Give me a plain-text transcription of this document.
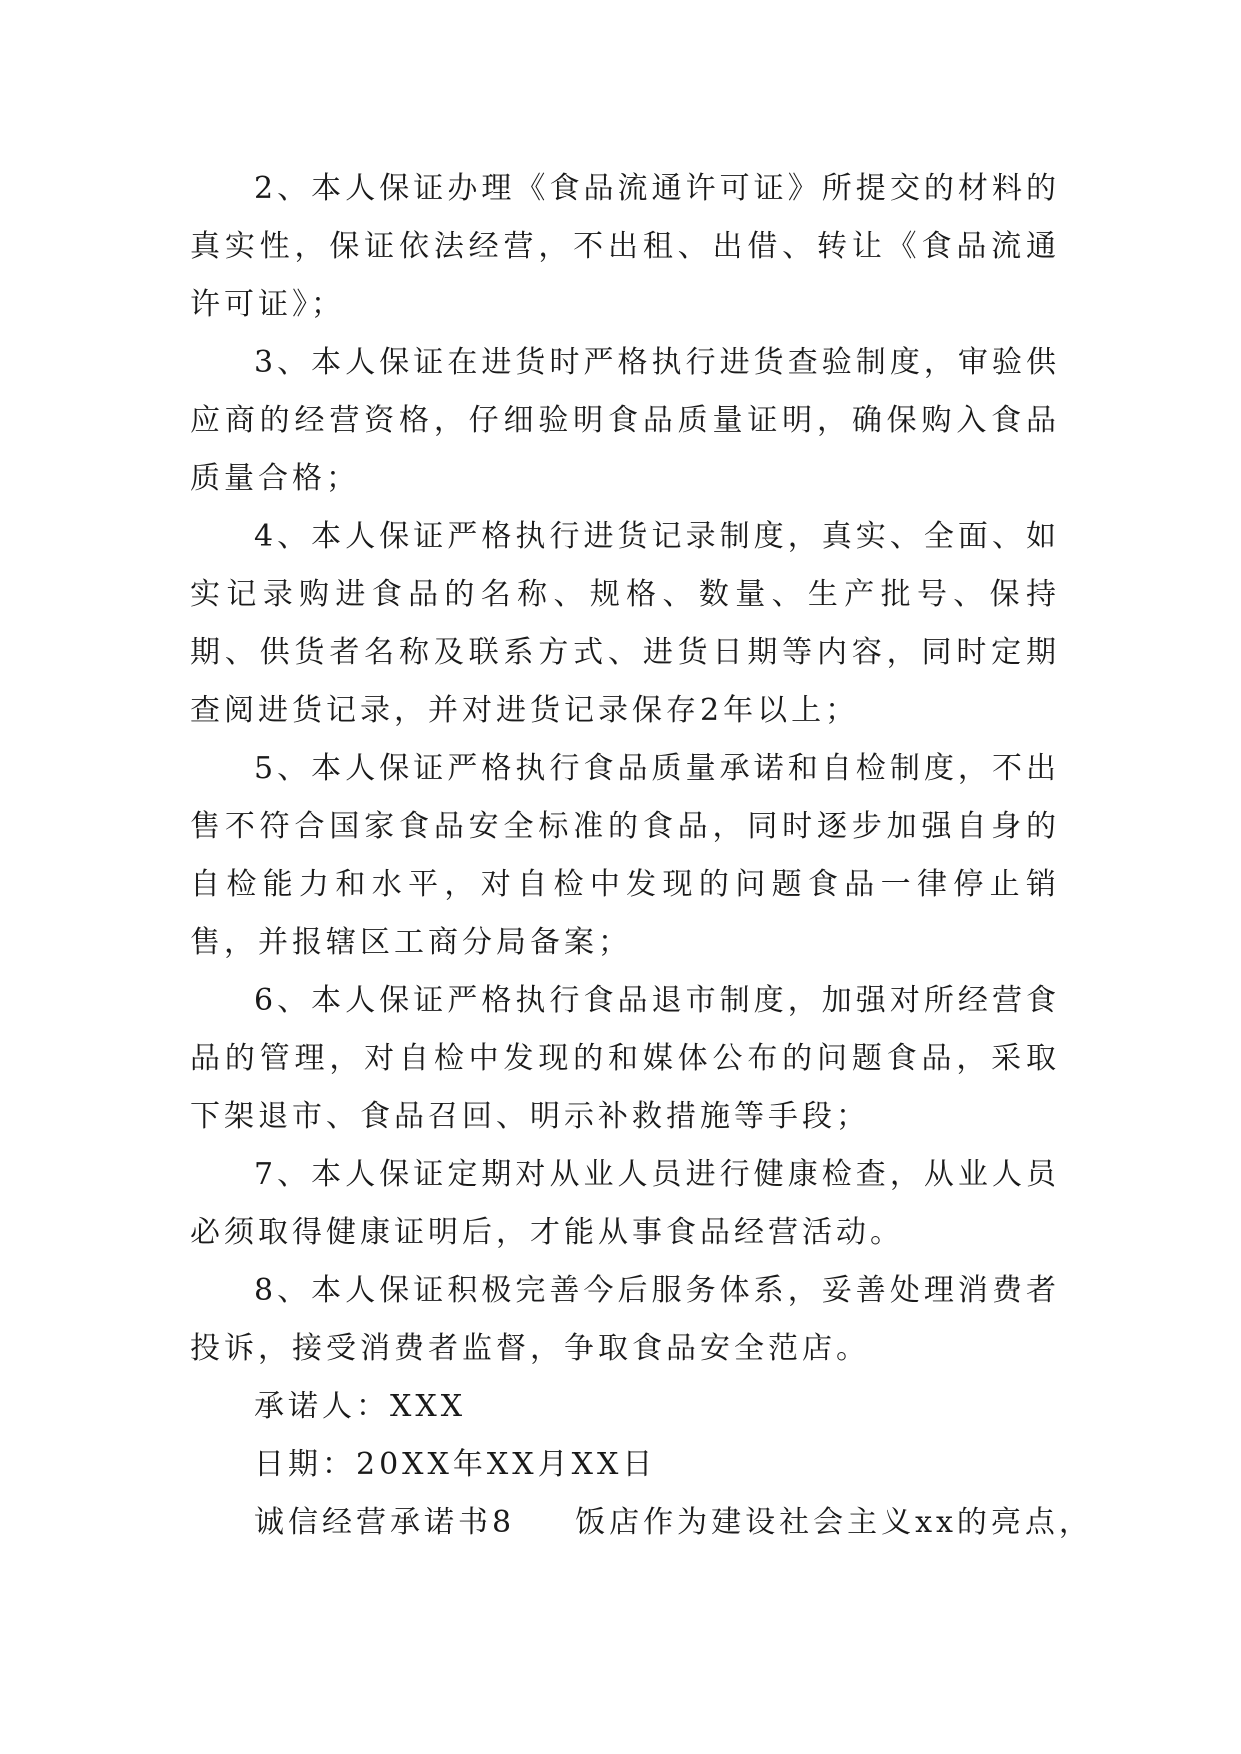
2、本人保证办理《食品流通许可证》所提交的材料的真实性，保证依法经营，不出租、出借、转让《食品流通许可证》；

3、本人保证在进货时严格执行进货查验制度，审验供应商的经营资格，仔细验明食品质量证明，确保购入食品质量合格；

4、本人保证严格执行进货记录制度，真实、全面、如实记录购进食品的名称、规格、数量、生产批号、保持期、供货者名称及联系方式、进货日期等内容，同时定期查阅进货记录，并对进货记录保存2年以上；

5、本人保证严格执行食品质量承诺和自检制度，不出售不符合国家食品安全标准的食品，同时逐步加强自身的自检能力和水平，对自检中发现的问题食品一律停止销售，并报辖区工商分局备案；

6、本人保证严格执行食品退市制度，加强对所经营食品的管理，对自检中发现的和媒体公布的问题食品，采取下架退市、食品召回、明示补救措施等手段；

7、本人保证定期对从业人员进行健康检查，从业人员必须取得健康证明后，才能从事食品经营活动。

8、本人保证积极完善今后服务体系，妥善处理消费者投诉，接受消费者监督，争取食品安全范店。

承诺人：XXX

日期：20XX年XX月XX日

诚信经营承诺书8 饭店作为建设社会主义xx的亮点，
